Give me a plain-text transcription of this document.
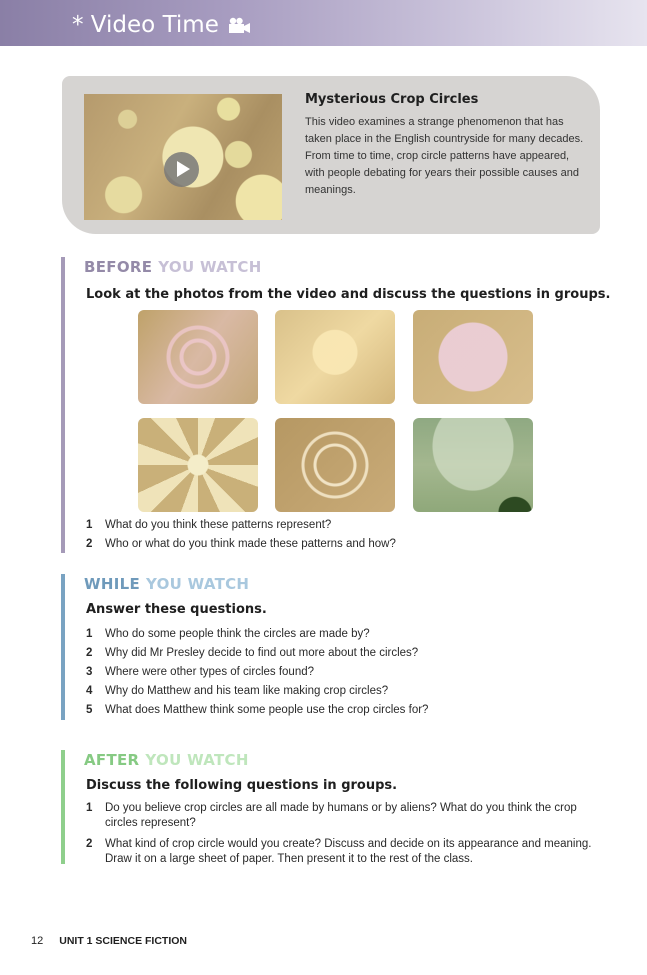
* Video Time
Mysterious Crop Circles
This video examines a strange phenomenon that has taken place in the English countryside for many decades. From time to time, crop circle patterns have appeared, with people debating for years their possible causes and meanings.
BEFORE YOU WATCH
Look at the photos from the video and discuss the questions in groups.
1 What do you think these patterns represent?
2 Who or what do you think made these patterns and how?
WHILE YOU WATCH
Answer these questions.
1 Who do some people think the circles are made by?
2 Why did Mr Presley decide to find out more about the circles?
3 Where were other types of circles found?
4 Why do Matthew and his team like making crop circles?
5 What does Matthew think some people use the crop circles for?
AFTER YOU WATCH
Discuss the following questions in groups.
1 Do you believe crop circles are all made by humans or by aliens? What do you think the crop circles represent?
2 What kind of crop circle would you create? Discuss and decide on its appearance and meaning. Draw it on a large sheet of paper. Then present it to the rest of the class.
12 UNIT 1 SCIENCE FICTION
